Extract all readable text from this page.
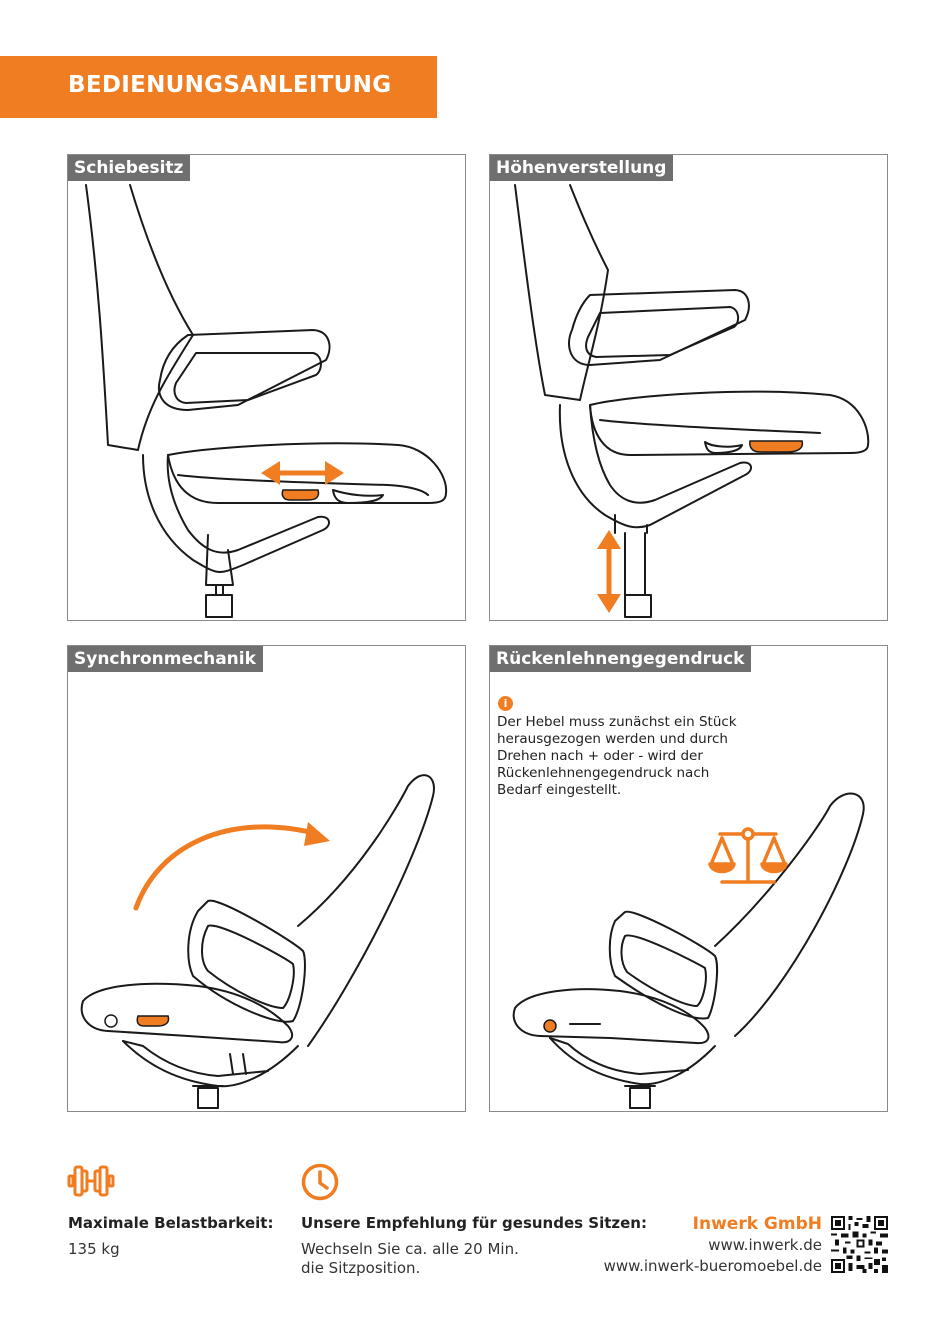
BEDIENUNGSANLEITUNG
Schiebesitz	Höhenverstellung
Synchronmechanik	Rückenlehnengegendruck
i
Der Hebel muss zunächst ein Stück herausgezogen werden und durch Drehen nach + oder - wird der Rückenlehnengegendruck nach Bedarf eingestellt.
Maximale Belastbarkeit:
135 kg
Unsere Empfehlung für gesundes Sitzen:
Wechseln Sie ca. alle 20 Min.
die Sitzposition.
Inwerk GmbH
www.inwerk.de
www.inwerk-bueromoebel.de
